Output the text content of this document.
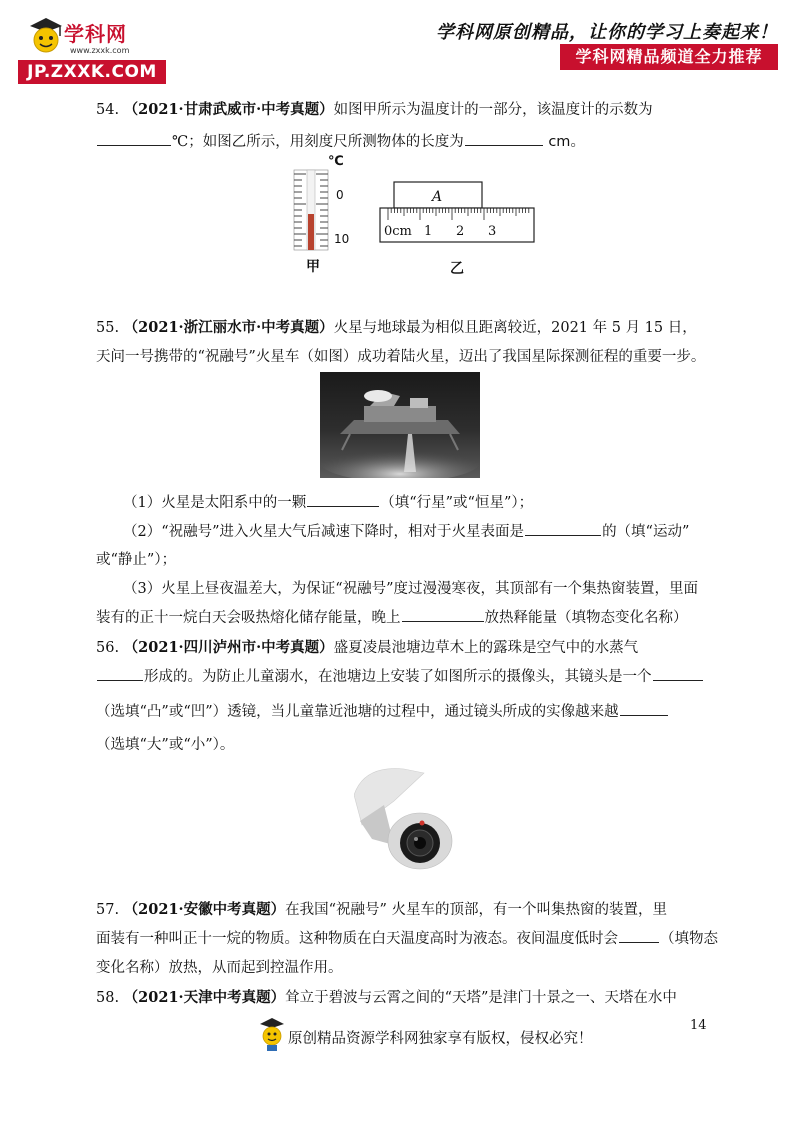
学科网
www.zxxk.com
JP.ZXXK.COM
学科网原创精品，让你的学习上奏起来！
学科网精品频道全力推荐
54. （2021·甘肃武威市·中考真题）如图甲所示为温度计的一部分，该温度计的示数为
℃；如图乙所示，用刻度尺所测物体的长度为	cm。
℃
0
10
甲
A
0cm 1 2 3
乙
55. （2021·浙江丽水市·中考真题）火星与地球最为相似且距离较近，2021 年 5 月 15 日，
天问一号携带的“祝融号”火星车（如图）成功着陆火星，迈出了我国星际探测征程的重要一步。
（1）火星是太阳系中的一颗	（填“行星”或“恒星”）；
（2）“祝融号”进入火星大气后减速下降时，相对于火星表面是	的（填“运动”
或“静止”）；
（3）火星上昼夜温差大，为保证“祝融号”度过漫漫寒夜，其顶部有一个集热窗装置，里面
装有的正十一烷白天会吸热熔化储存能量，晚上	放热释能量（填物态变化名称）
56. （2021·四川泸州市·中考真题）盛夏凌晨池塘边草木上的露珠是空气中的水蒸气
形成的。为防止儿童溺水，在池塘边上安装了如图所示的摄像头，其镜头是一个
（选填“凸”或“凹”）透镜，当儿童靠近池塘的过程中，通过镜头所成的实像越来越
（选填“大”或“小”）。
57. （2021·安徽中考真题）在我国“祝融号” 火星车的顶部，有一个叫集热窗的装置，里
面装有一种叫正十一烷的物质。这种物质在白天温度高时为液态。夜间温度低时会	（填物态
变化名称）放热，从而起到控温作用。
58. （2021·天津中考真题）耸立于碧波与云霄之间的“天塔”是津门十景之一、天塔在水中
14
原创精品资源学科网独家享有版权，侵权必究！
